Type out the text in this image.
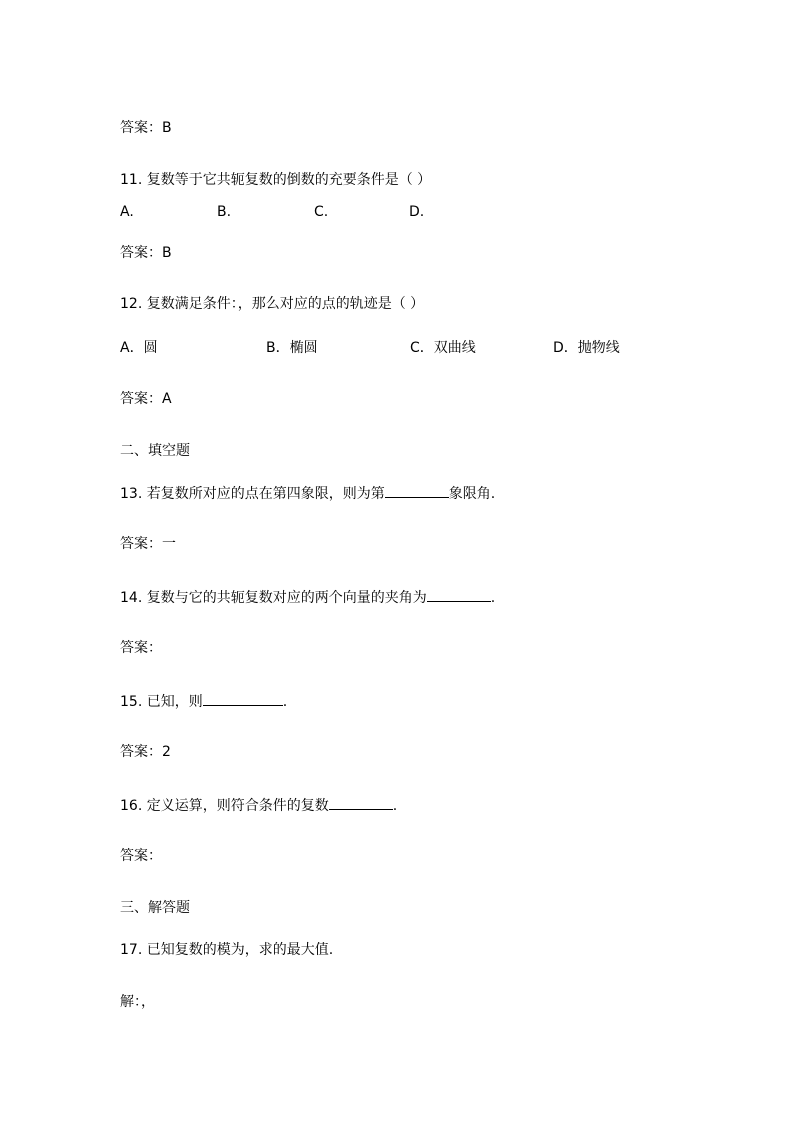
答案：B
11. 复数等于它共轭复数的倒数的充要条件是（ ）
A.	B.	C.	D.
答案：B
12. 复数满足条件：，那么对应的点的轨迹是（ ）
A．圆	B．椭圆	C．双曲线	D．抛物线
答案：A
二、填空题
13. 若复数所对应的点在第四象限，则为第	象限角.
答案：一
14. 复数与它的共轭复数对应的两个向量的夹角为	.
答案：
15. 已知，则	.
答案：2
16. 定义运算，则符合条件的复数	.
答案：
三、解答题
17. 已知复数的模为，求的最大值.
解：，
